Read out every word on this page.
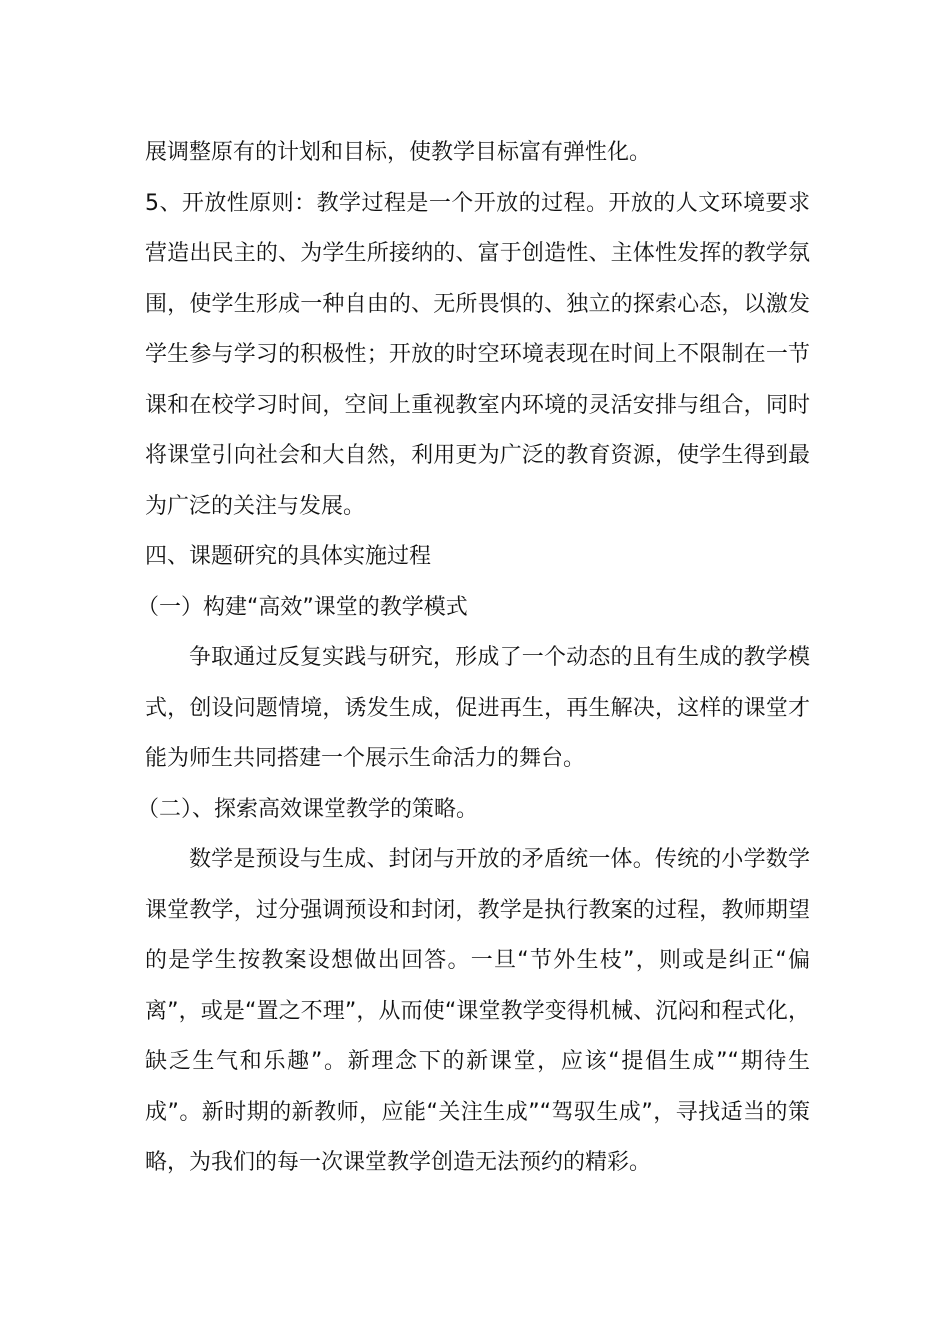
展调整原有的计划和目标，使教学目标富有弹性化。

5、开放性原则：教学过程是一个开放的过程。开放的人文环境要求营造出民主的、为学生所接纳的、富于创造性、主体性发挥的教学氛围，使学生形成一种自由的、无所畏惧的、独立的探索心态，以激发学生参与学习的积极性；开放的时空环境表现在时间上不限制在一节课和在校学习时间，空间上重视教室内环境的灵活安排与组合，同时将课堂引向社会和大自然，利用更为广泛的教育资源，使学生得到最为广泛的关注与发展。

四、课题研究的具体实施过程

（一）构建“高效”课堂的教学模式

争取通过反复实践与研究，形成了一个动态的且有生成的教学模式，创设问题情境，诱发生成，促进再生，再生解决，这样的课堂才能为师生共同搭建一个展示生命活力的舞台。

（二）、探索高效课堂教学的策略。

数学是预设与生成、封闭与开放的矛盾统一体。传统的小学数学课堂教学，过分强调预设和封闭，教学是执行教案的过程，教师期望的是学生按教案设想做出回答。一旦“节外生枝”，则或是纠正“偏离”，或是“置之不理”，从而使“课堂教学变得机械、沉闷和程式化，缺乏生气和乐趣”。新理念下的新课堂，应该“提倡生成”“期待生成”。新时期的新教师，应能“关注生成”“驾驭生成”，寻找适当的策略，为我们的每一次课堂教学创造无法预约的精彩。
